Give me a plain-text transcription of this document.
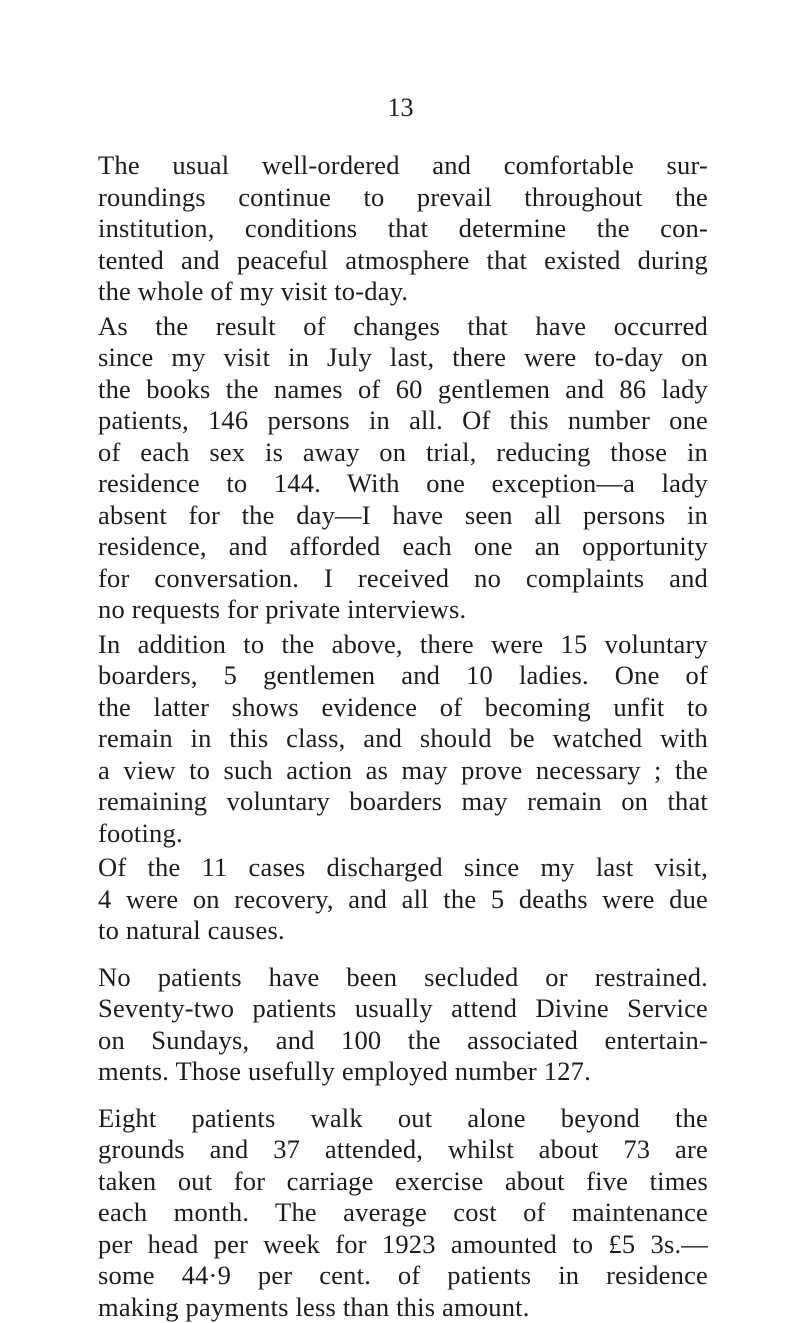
13

The usual well-ordered and comfortable sur-
roundings continue to prevail throughout the
institution, conditions that determine the con-
tented and peaceful atmosphere that existed during
the whole of my visit to-day.

As the result of changes that have occurred
since my visit in July last, there were to-day on
the books the names of 60 gentlemen and 86 lady
patients, 146 persons in all. Of this number one
of each sex is away on trial, reducing those in
residence to 144. With one exception—a lady
absent for the day—I have seen all persons in
residence, and afforded each one an opportunity
for conversation. I received no complaints and
no requests for private interviews.

In addition to the above, there were 15 voluntary
boarders, 5 gentlemen and 10 ladies. One of
the latter shows evidence of becoming unfit to
remain in this class, and should be watched with
a view to such action as may prove necessary ; the
remaining voluntary boarders may remain on that
footing.

Of the 11 cases discharged since my last visit,
4 were on recovery, and all the 5 deaths were due
to natural causes.

No patients have been secluded or restrained.
Seventy-two patients usually attend Divine Service
on Sundays, and 100 the associated entertain-
ments. Those usefully employed number 127.

Eight patients walk out alone beyond the
grounds and 37 attended, whilst about 73 are
taken out for carriage exercise about five times
each month. The average cost of maintenance
per head per week for 1923 amounted to £5 3s.—
some 44·9 per cent. of patients in residence
making payments less than this amount.
